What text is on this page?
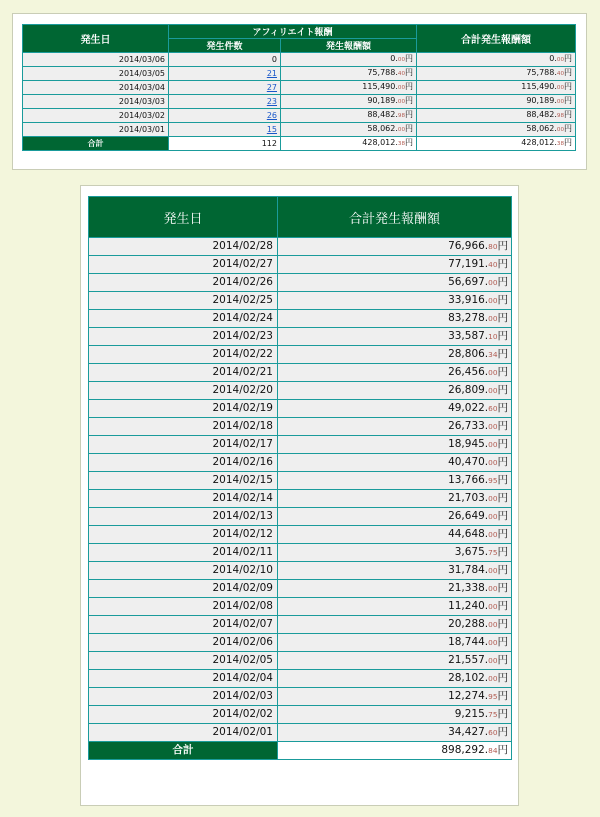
発生日	アフィリエイト報酬		合計発生報酬額
	発生件数	発生報酬額	
2014/03/06	0	0.00円	0.00円
2014/03/05	21	75,788.40円	75,788.40円
2014/03/04	27	115,490.00円	115,490.00円
2014/03/03	23	90,189.00円	90,189.00円
2014/03/02	26	88,482.98円	88,482.98円
2014/03/01	15	58,062.00円	58,062.00円
合計	112	428,012.38円	428,012.38円
発生日	合計発生報酬額
2014/02/28	76,966.80円
2014/02/27	77,191.40円
2014/02/26	56,697.00円
2014/02/25	33,916.00円
2014/02/24	83,278.00円
2014/02/23	33,587.10円
2014/02/22	28,806.34円
2014/02/21	26,456.00円
2014/02/20	26,809.00円
2014/02/19	49,022.60円
2014/02/18	26,733.00円
2014/02/17	18,945.00円
2014/02/16	40,470.00円
2014/02/15	13,766.95円
2014/02/14	21,703.00円
2014/02/13	26,649.00円
2014/02/12	44,648.00円
2014/02/11	3,675.75円
2014/02/10	31,784.00円
2014/02/09	21,338.00円
2014/02/08	11,240.00円
2014/02/07	20,288.00円
2014/02/06	18,744.00円
2014/02/05	21,557.00円
2014/02/04	28,102.00円
2014/02/03	12,274.95円
2014/02/02	9,215.75円
2014/02/01	34,427.60円
合計	898,292.84円
